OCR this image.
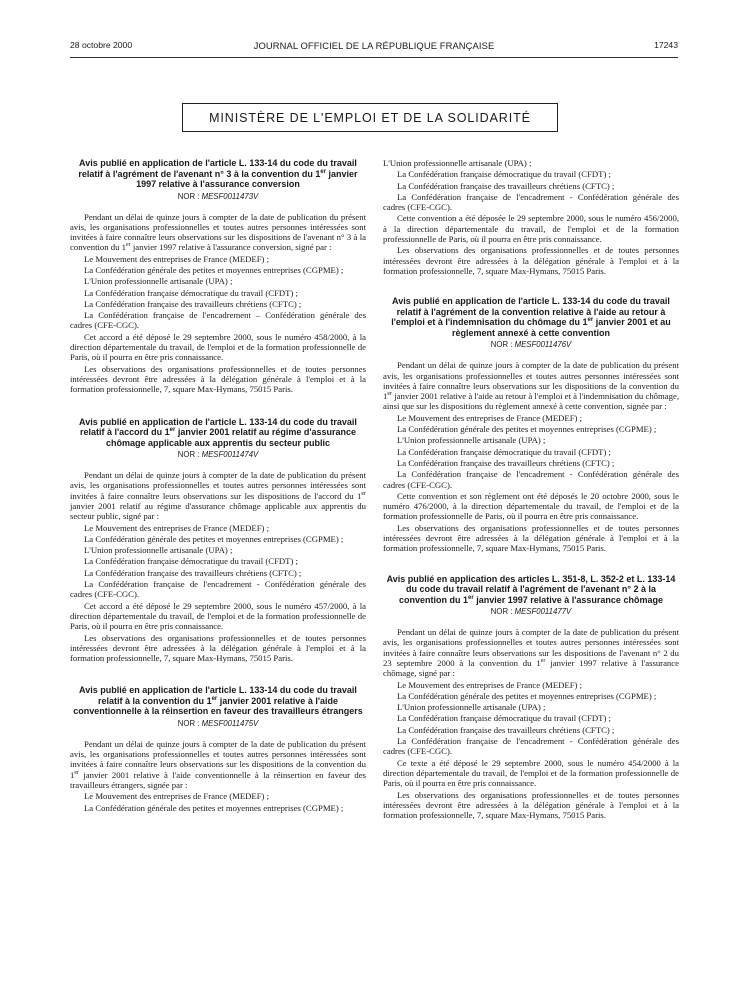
28 octobre 2000	JOURNAL OFFICIEL DE LA RÉPUBLIQUE FRANÇAISE	17243
MINISTÈRE DE L'EMPLOI ET DE LA SOLIDARITÉ
Avis publié en application de l'article L. 133-14 du code du travail relatif à l'agrément de l'avenant n° 3 à la convention du 1er janvier 1997 relative à l'assurance conversion
NOR : MESF0011473V

Pendant un délai de quinze jours à compter de la date de publication du présent avis, les organisations professionnelles et toutes autres personnes intéressées sont invitées à faire connaître leurs observations sur les dispositions de l'avenant n° 3 à la convention du 1er janvier 1997 relative à l'assurance conversion, signé par :

Le Mouvement des entreprises de France (MEDEF) ;

La Confédération générale des petites et moyennes entreprises (CGPME) ;

L'Union professionnelle artisanale (UPA) ;

La Confédération française démocratique du travail (CFDT) ;

La Confédération française des travailleurs chrétiens (CFTC) ;

La Confédération française de l'encadrement – Confédération générale des cadres (CFE-CGC).

Cet accord a été déposé le 29 septembre 2000, sous le numéro 458/2000, à la direction départementale du travail, de l'emploi et de la formation professionnelle de Paris, où il pourra en être pris connaissance.

Les observations des organisations professionnelles et de toutes personnes intéressées devront être adressées à la délégation générale à l'emploi et à la formation professionnelle, 7, square Max-Hymans, 75015 Paris.

Avis publié en application de l'article L. 133-14 du code du travail relatif à l'accord du 1er janvier 2001 relatif au régime d'assurance chômage applicable aux apprentis du secteur public
NOR : MESF0011474V

Pendant un délai de quinze jours à compter de la date de publication du présent avis, les organisations professionnelles et toutes autres personnes intéressées sont invitées à faire connaître leurs observations sur les dispositions de l'accord du 1er janvier 2001 relatif au régime d'assurance chômage applicable aux apprentis du secteur public, signé par :

Le Mouvement des entreprises de France (MEDEF) ;

La Confédération générale des petites et moyennes entreprises (CGPME) ;

L'Union professionnelle artisanale (UPA) ;

La Confédération française démocratique du travail (CFDT) ;

La Confédération française des travailleurs chrétiens (CFTC) ;

La Confédération française de l'encadrement - Confédération générale des cadres (CFE-CGC).

Cet accord a été déposé le 29 septembre 2000, sous le numéro 457/2000, à la direction départementale du travail, de l'emploi et de la formation professionnelle de Paris, où il pourra en être pris connaissance.

Les observations des organisations professionnelles et de toutes personnes intéressées devront être adressées à la délégation générale à l'emploi et à la formation professionnelle, 7, square Max-Hymans, 75015 Paris.

Avis publié en application de l'article L. 133-14 du code du travail relatif à la convention du 1er janvier 2001 relative à l'aide conventionnelle à la réinsertion en faveur des travailleurs étrangers
NOR : MESF0011475V

Pendant un délai de quinze jours à compter de la date de publication du présent avis, les organisations professionnelles et toutes autres personnes intéressées sont invitées à faire connaître leurs observations sur les dispositions de la convention du 1er janvier 2001 relative à l'aide conventionnelle à la réinsertion en faveur des travailleurs étrangers, signée par :

Le Mouvement des entreprises de France (MEDEF) ;

La Confédération générale des petites et moyennes entreprises (CGPME) ;

L'Union professionnelle artisanale (UPA) ;

La Confédération française démocratique du travail (CFDT) ;

La Confédération française des travailleurs chrétiens (CFTC) ;

La Confédération française de l'encadrement - Confédération générale des cadres (CFE-CGC).

Cette convention a été déposée le 29 septembre 2000, sous le numéro 456/2000, à la direction départementale du travail, de l'emploi et de la formation professionnelle de Paris, où il pourra en être pris connaissance.

Les observations des organisations professionnelles et de toutes personnes intéressées devront être adressées à la délégation générale à l'emploi et à la formation professionnelle, 7, square Max-Hymans, 75015 Paris.

Avis publié en application de l'article L. 133-14 du code du travail relatif à l'agrément de la convention relative à l'aide au retour à l'emploi et à l'indemnisation du chômage du 1er janvier 2001 et au règlement annexé à cette convention
NOR : MESF0011476V

Pendant un délai de quinze jours à compter de la date de publication du présent avis, les organisations professionnelles et toutes autres personnes intéressées sont invitées à faire connaître leurs observations sur les dispositions de la convention du 1er janvier 2001 relative à l'aide au retour à l'emploi et à l'indemnisation du chômage, ainsi que sur les dispositions du règlement annexé à cette convention, signée par :

Le Mouvement des entreprises de France (MEDEF) ;

La Confédération générale des petites et moyennes entreprises (CGPME) ;

L'Union professionnelle artisanale (UPA) ;

La Confédération française démocratique du travail (CFDT) ;

La Confédération française des travailleurs chrétiens (CFTC) ;

La Confédération française de l'encadrement - Confédération générale des cadres (CFE-CGC).

Cette convention et son règlement ont été déposés le 20 octobre 2000, sous le numéro 476/2000, à la direction départementale du travail, de l'emploi et de la formation professionnelle de Paris, où il pourra en être pris connaissance.

Les observations des organisations professionnelles et de toutes personnes intéressées devront être adressées à la délégation générale à l'emploi et à la formation professionnelle, 7, square Max-Hymans, 75015 Paris.

Avis publié en application des articles L. 351-8, L. 352-2 et L. 133-14 du code du travail relatif à l'agrément de l'avenant n° 2 à la convention du 1er janvier 1997 relative à l'assurance chômage
NOR : MESF0011477V

Pendant un délai de quinze jours à compter de la date de publication du présent avis, les organisations professionnelles et toutes autres personnes intéressées sont invitées à faire connaître leurs observations sur les dispositions de l'avenant n° 2 du 23 septembre 2000 à la convention du 1er janvier 1997 relative à l'assurance chômage, signé par :

Le Mouvement des entreprises de France (MEDEF) ;

La Confédération générale des petites et moyennes entreprises (CGPME) ;

L'Union professionnelle artisanale (UPA) ;

La Confédération française démocratique du travail (CFDT) ;

La Confédération française des travailleurs chrétiens (CFTC) ;

La Confédération française de l'encadrement - Confédération générale des cadres (CFE-CGC).

Ce texte a été déposé le 29 septembre 2000, sous le numéro 454/2000 à la direction départementale du travail, de l'emploi et de la formation professionnelle de Paris, où il pourra en être pris connaissance.

Les observations des organisations professionnelles et de toutes personnes intéressées devront être adressées à la délégation générale à l'emploi et à la formation professionnelle, 7, square Max-Hymans, 75015 Paris.
